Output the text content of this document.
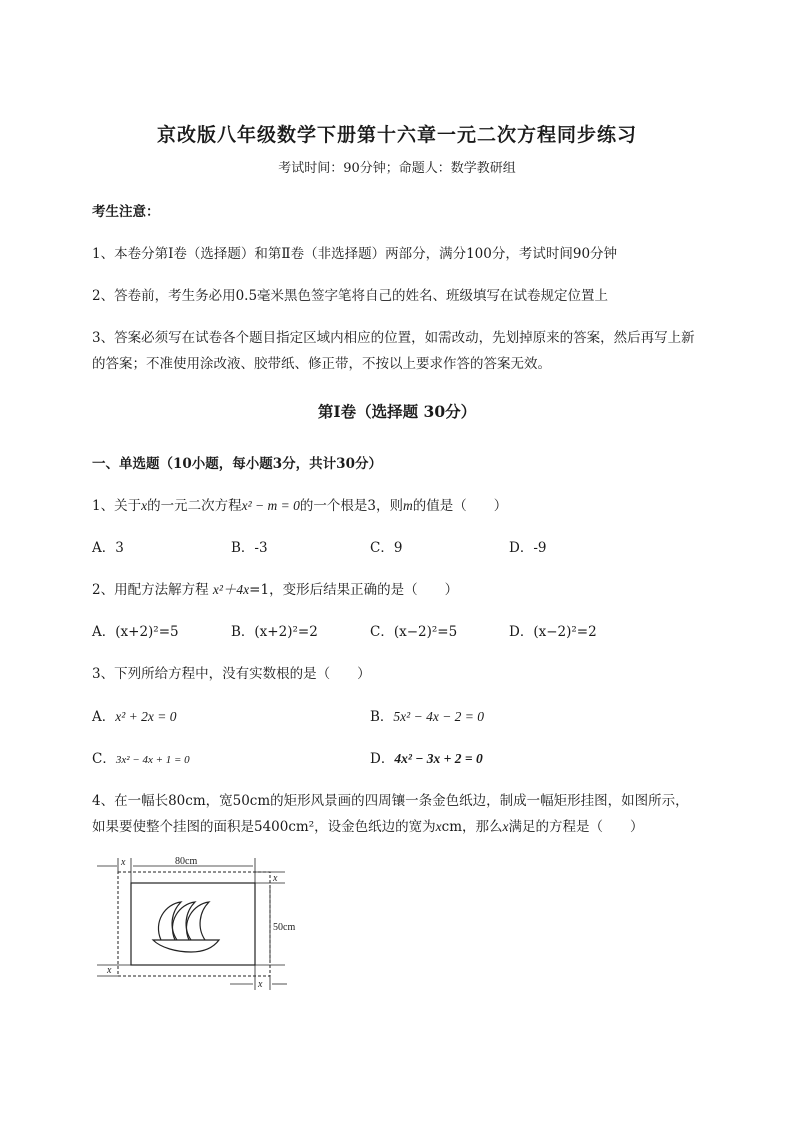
京改版八年级数学下册第十六章一元二次方程同步练习
考试时间：90分钟；命题人：数学教研组
考生注意：
1、本卷分第I卷（选择题）和第Ⅱ卷（非选择题）两部分，满分100分，考试时间90分钟
2、答卷前，考生务必用0.5毫米黑色签字笔将自己的姓名、班级填写在试卷规定位置上
3、答案必须写在试卷各个题目指定区域内相应的位置，如需改动，先划掉原来的答案，然后再写上新
的答案；不准使用涂改液、胶带纸、修正带，不按以上要求作答的答案无效。
第I卷（选择题 30分）
一、单选题（10小题，每小题3分，共计30分）
1、关于x的一元二次方程x² − m = 0的一个根是3，则m的值是（　　）
A．3	B．-3	C．9	D．-9
2、用配方法解方程 x²＋4x=1，变形后结果正确的是（　　）
A．(x+2)²=5	B．(x+2)²=2	C．(x−2)²=5	D．(x−2)²=2
3、下列所给方程中，没有实数根的是（　　）
A．x² + 2x = 0	B．5x² − 4x − 2 = 0
C．3x² − 4x + 1 = 0	D．4x² − 3x + 2 = 0
4、在一幅长80cm，宽50cm的矩形风景画的四周镶一条金色纸边，制成一幅矩形挂图，如图所示，
如果要使整个挂图的面积是5400cm²，设金色纸边的宽为xcm，那么x满足的方程是（　　）
80cm
x
50cm
x
x
x
